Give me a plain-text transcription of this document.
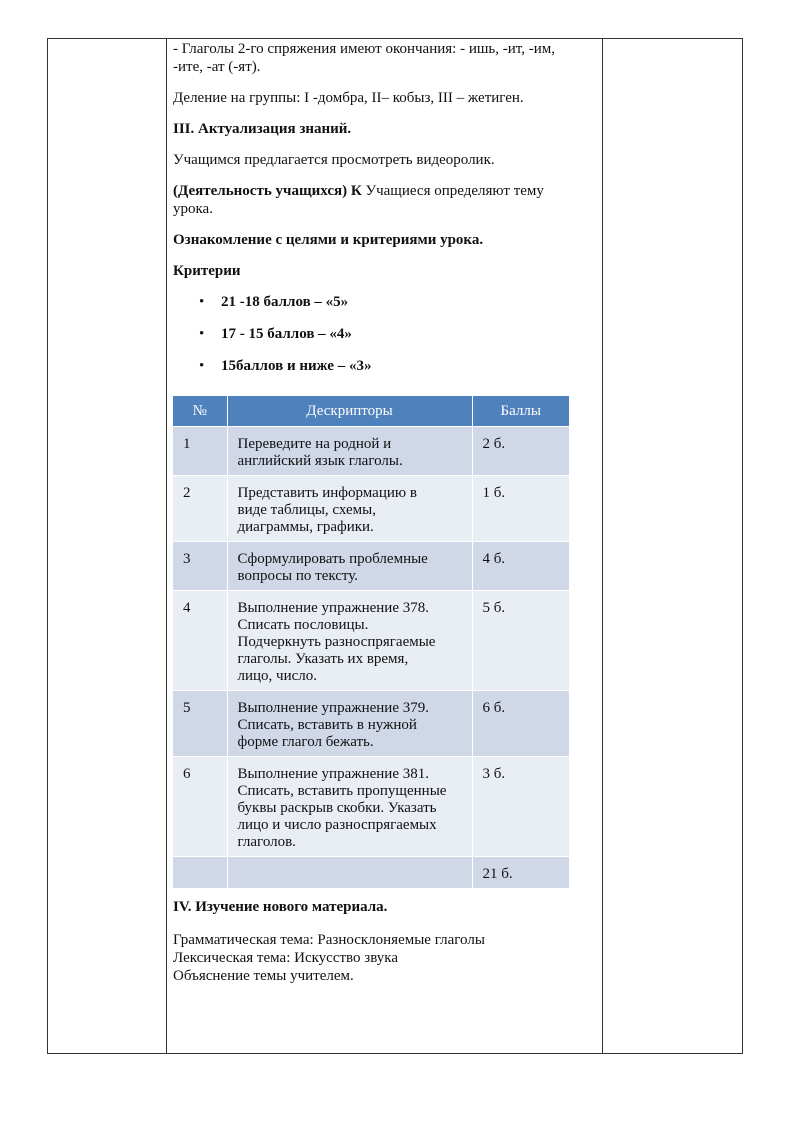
- Глаголы 2-го спряжения имеют окончания: - ишь, -ит, -им,

-ите, -ат (-ят).

Деление на группы: I -домбра, II– кобыз, III – жетиген.

III. Актуализация знаний.

Учащимся предлагается просмотреть видеоролик.

(Деятельность учащихся) К Учащиеся определяют тему

урока.

Ознакомление с целями и критериями урока.

Критерии

• 21 -18 баллов – «5»
• 17 - 15 баллов – «4»
• 15баллов и ниже – «3»
№	Дескрипторы	Баллы
1	Переведите на родной и
английский язык глаголы.	2 б.
2	Представить информацию в
виде таблицы, схемы,
диаграммы, графики.	1 б.
3	Сформулировать проблемные
вопросы по тексту.	4 б.
4	Выполнение упражнение 378.
Списать пословицы.
Подчеркнуть разноспрягаемые
глаголы. Указать их время,
лицо, число.	5 б.
5	Выполнение упражнение 379.
Списать, вставить в нужной
форме глагол бежать.	6 б.
6	Выполнение упражнение 381.
Списать, вставить пропущенные
буквы раскрыв скобки. Указать
лицо и число разноспрягаемых
глаголов.	3 б.
		21 б.

IV. Изучение нового материала.

Грамматическая тема: Разносклоняемые глаголы

Лексическая тема: Искусство звука

Объяснение темы учителем.
